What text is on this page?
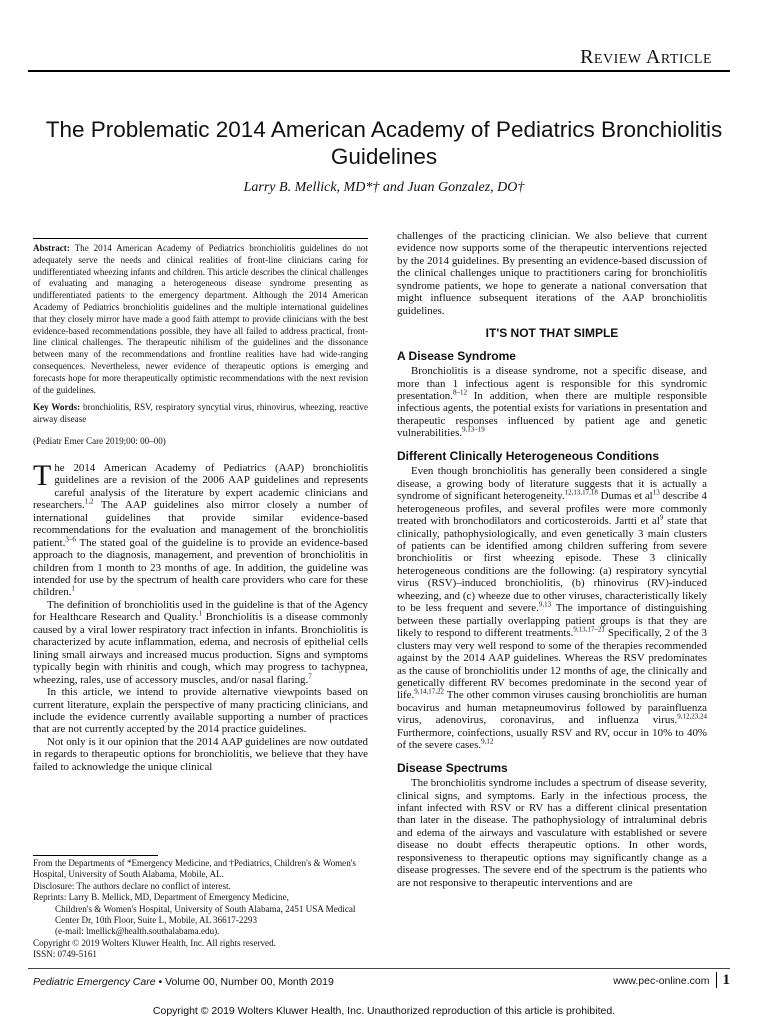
Review Article
The Problematic 2014 American Academy of Pediatrics Bronchiolitis Guidelines
Larry B. Mellick, MD*† and Juan Gonzalez, DO†
Abstract: The 2014 American Academy of Pediatrics bronchiolitis guidelines do not adequately serve the needs and clinical realities of front-line clinicians caring for undifferentiated wheezing infants and children. This article describes the clinical challenges of evaluating and managing a heterogeneous disease syndrome presenting as undifferentiated patients to the emergency department. Although the 2014 American Academy of Pediatrics bronchiolitis guidelines and the multiple international guidelines that they closely mirror have made a good faith attempt to provide clinicians with the best evidence-based recommendations possible, they have all failed to address practical, front-line clinical challenges. The therapeutic nihilism of the guidelines and the dissonance between many of the recommendations and frontline realities have had wide-ranging consequences. Nevertheless, newer evidence of therapeutic options is emerging and forecasts hope for more therapeutically optimistic recommendations with the next revision of the guidelines.
Key Words: bronchiolitis, RSV, respiratory syncytial virus, rhinovirus, wheezing, reactive airway disease
(Pediatr Emer Care 2019;00: 00–00)

The 2014 American Academy of Pediatrics (AAP) bronchiolitis guidelines are a revision of the 2006 AAP guidelines and represents careful analysis of the literature by expert academic clinicians and researchers.$^{1,2}$ The AAP guidelines also mirror closely a number of international guidelines that provide similar evidence-based recommendations for the evaluation and management of the bronchiolitis patient.$^{3-6}$ The stated goal of the guideline is to provide an evidence-based approach to the diagnosis, management, and prevention of bronchiolitis in children from 1 month to 23 months of age. In addition, the guideline was intended for use by the spectrum of health care providers who care for these children.$^1$

The definition of bronchiolitis used in the guideline is that of the Agency for Healthcare Research and Quality.$^1$ Bronchiolitis is a disease commonly caused by a viral lower respiratory tract infection in infants. Bronchiolitis is characterized by acute inflammation, edema, and necrosis of epithelial cells lining small airways and increased mucus production. Signs and symptoms typically begin with rhinitis and cough, which may progress to tachypnea, wheezing, rales, use of accessory muscles, and/or nasal flaring.$^7$

In this article, we intend to provide alternative viewpoints based on current literature, explain the perspective of many practicing clinicians, and include the evidence currently available supporting a number of practices that are not currently accepted by the 2014 practice guidelines.

Not only is it our opinion that the 2014 AAP guidelines are now outdated in regards to therapeutic options for bronchiolitis, we believe that they have failed to acknowledge the unique clinical

From the Departments of *Emergency Medicine, and †Pediatrics, Children's & Women's Hospital, University of South Alabama, Mobile, AL.
Disclosure: The authors declare no conflict of interest.
Reprints: Larry B. Mellick, MD, Department of Emergency Medicine,
Children's & Women's Hospital, University of South Alabama, 2451 USA Medical Center Dr, 10th Floor, Suite L, Mobile, AL 36617-2293
(e-mail: lmellick@health.southalabama.edu).
Copyright © 2019 Wolters Kluwer Health, Inc. All rights reserved.
ISSN: 0749-5161

challenges of the practicing clinician. We also believe that current evidence now supports some of the therapeutic interventions rejected by the 2014 guidelines. By presenting an evidence-based discussion of the clinical challenges unique to practitioners caring for bronchiolitis syndrome patients, we hope to generate a national conversation that might influence subsequent iterations of the AAP bronchiolitis guidelines.

IT'S NOT THAT SIMPLE
A Disease Syndrome

Bronchiolitis is a disease syndrome, not a specific disease, and more than 1 infectious agent is responsible for this syndromic presentation.$^{8-12}$ In addition, when there are multiple responsible infectious agents, the potential exists for variations in presentation and therapeutic responses influenced by patient age and genetic vulnerabilities.$^{9,13-19}$

Different Clinically Heterogeneous Conditions

Even though bronchiolitis has generally been considered a single disease, a growing body of literature suggests that it is actually a syndrome of significant heterogeneity.$^{12,13,17,18}$ Dumas et $al^{13}$ describe 4 heterogeneous profiles, and several profiles were more commonly treated with bronchodilators and corticosteroids. Jartti et $al^9$ state that clinically, pathophysiologically, and even genetically 3 main clusters of patients can be identified among children suffering from severe bronchiolitis or first wheezing episode. These 3 clinically heterogeneous conditions are the following: (a) respiratory syncytial virus (RSV)–induced bronchiolitis, (b) rhinovirus (RV)-induced wheezing, and (c) wheeze due to other viruses, characteristically likely to be less frequent and severe.$^{9,13}$ The importance of distinguishing between these partially overlapping patient groups is that they are likely to respond to different treatments.$^{9,13,17-21}$ Specifically, 2 of the 3 clusters may very well respond to some of the therapies recommended against by the 2014 AAP guidelines. Whereas the RSV predominates as the cause of bronchiolitis under 12 months of age, the clinically and genetically different RV becomes predominate in the second year of life.$^{9,14,17,22}$ The other common viruses causing bronchiolitis are human bocavirus and human metapneumovirus followed by parainfluenza virus, adenovirus, coronavirus, and influenza virus.$^{9,12,23,24}$ Furthermore, coinfections, usually RSV and RV, occur in 10% to 40% of the severe cases.$^{9,12}$

Disease Spectrums

The bronchiolitis syndrome includes a spectrum of disease severity, clinical signs, and symptoms. Early in the infectious process, the infant infected with RSV or RV has a different clinical presentation than later in the disease. The pathophysiology of intraluminal debris and edema of the airways and vasculature with established or severe disease no doubt effects therapeutic options. In other words, responsiveness to therapeutic options may significantly change as a disease progresses. The severe end of the spectrum is the patients who are not responsive to therapeutic interventions and are

Pediatric Emergency Care • Volume 00, Number 00, Month 2019	www.pec-online.com 1
Copyright © 2019 Wolters Kluwer Health, Inc. Unauthorized reproduction of this article is prohibited.
